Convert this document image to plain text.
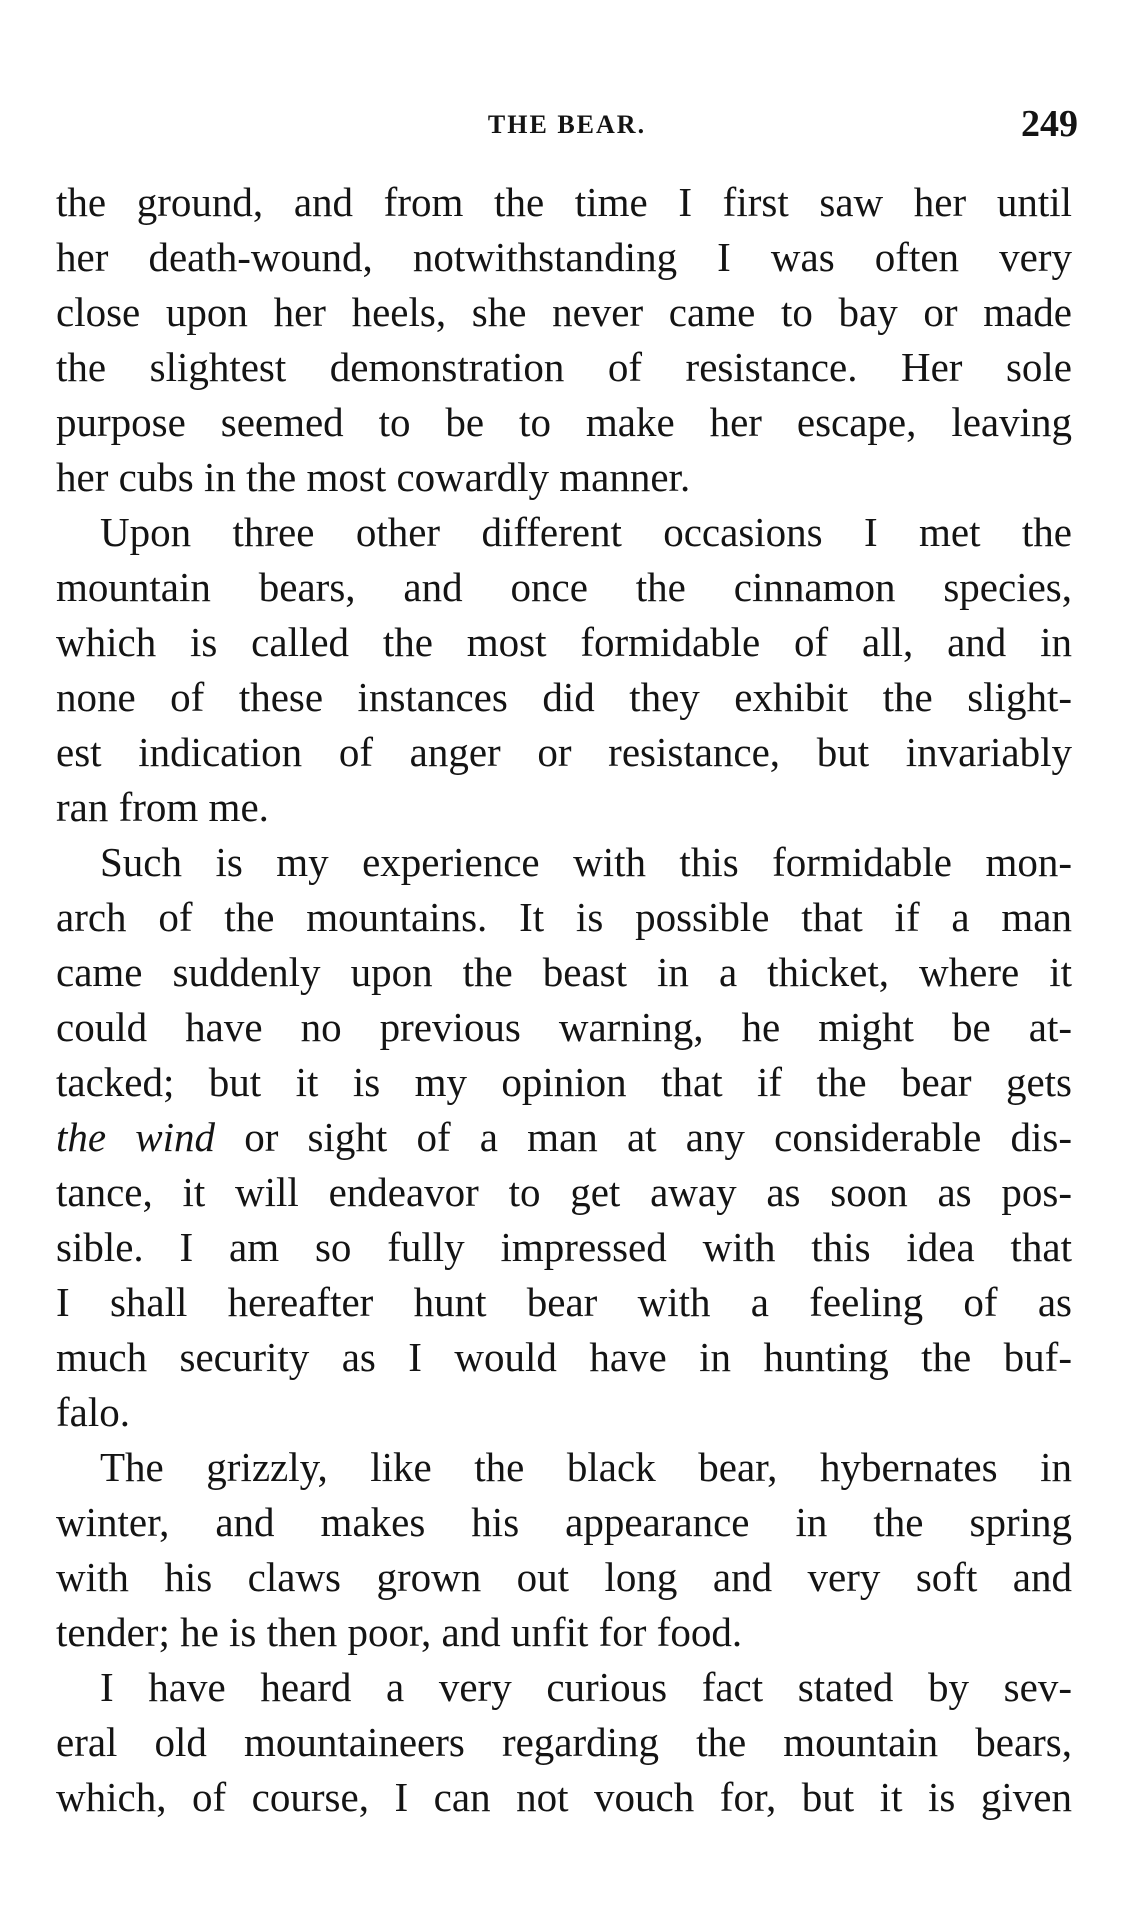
THE BEAR.	249
the ground, and from the time I first saw her until
her death-wound, notwithstanding I was often very
close upon her heels, she never came to bay or made
the slightest demonstration of resistance. Her sole
purpose seemed to be to make her escape, leaving
her cubs in the most cowardly manner.
Upon three other different occasions I met the
mountain bears, and once the cinnamon species,
which is called the most formidable of all, and in
none of these instances did they exhibit the slight-
est indication of anger or resistance, but invariably
ran from me.
Such is my experience with this formidable mon-
arch of the mountains. It is possible that if a man
came suddenly upon the beast in a thicket, where it
could have no previous warning, he might be at-
tacked; but it is my opinion that if the bear gets
the wind or sight of a man at any considerable dis-
tance, it will endeavor to get away as soon as pos-
sible. I am so fully impressed with this idea that
I shall hereafter hunt bear with a feeling of as
much security as I would have in hunting the buf-
falo.
The grizzly, like the black bear, hybernates in
winter, and makes his appearance in the spring
with his claws grown out long and very soft and
tender; he is then poor, and unfit for food.
I have heard a very curious fact stated by sev-
eral old mountaineers regarding the mountain bears,
which, of course, I can not vouch for, but it is given
